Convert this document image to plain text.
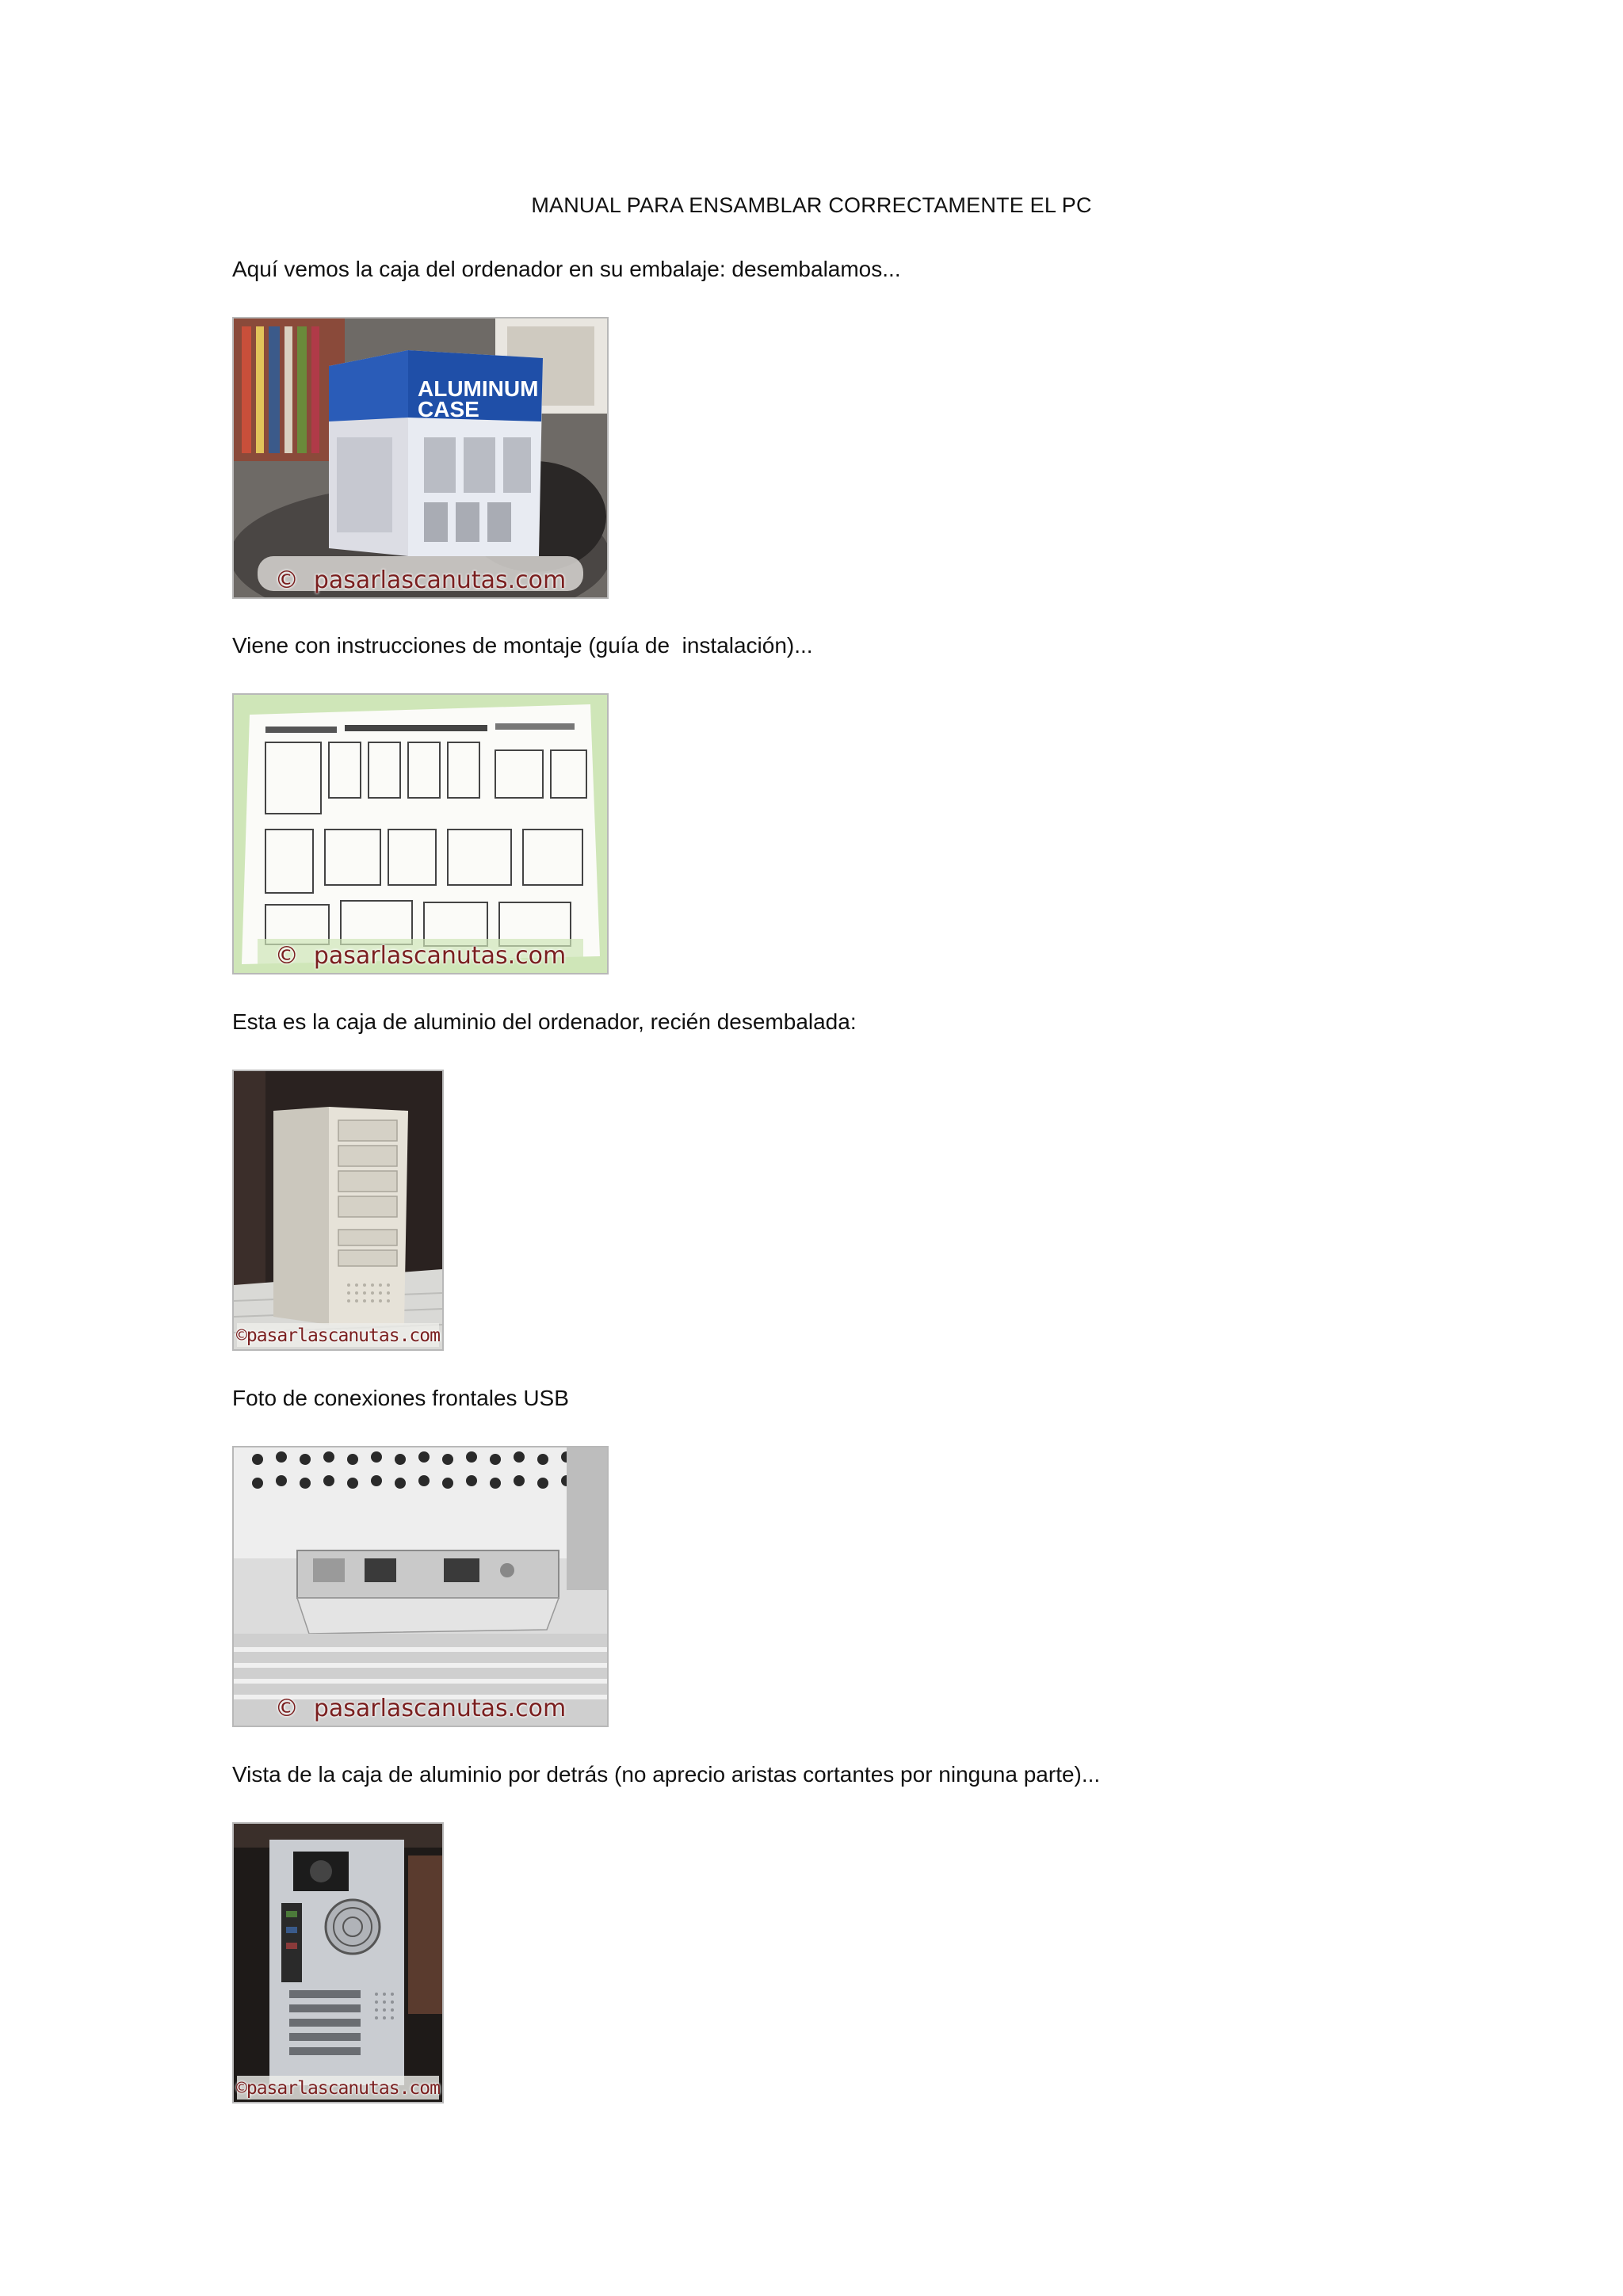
MANUAL PARA ENSAMBLAR CORRECTAMENTE EL PC
Aquí vemos la caja del ordenador en su embalaje: desembalamos...
ALUMINUM
CASE
©  pasarlascanutas.com
Viene con instrucciones de montaje (guía de  instalación)...
©  pasarlascanutas.com
Esta es la caja de aluminio del ordenador, recién desembalada:
©pasarlascanutas.com
Foto de conexiones frontales USB
©  pasarlascanutas.com
Vista de la caja de aluminio por detrás (no aprecio aristas cortantes por ninguna parte)...
©pasarlascanutas.com
